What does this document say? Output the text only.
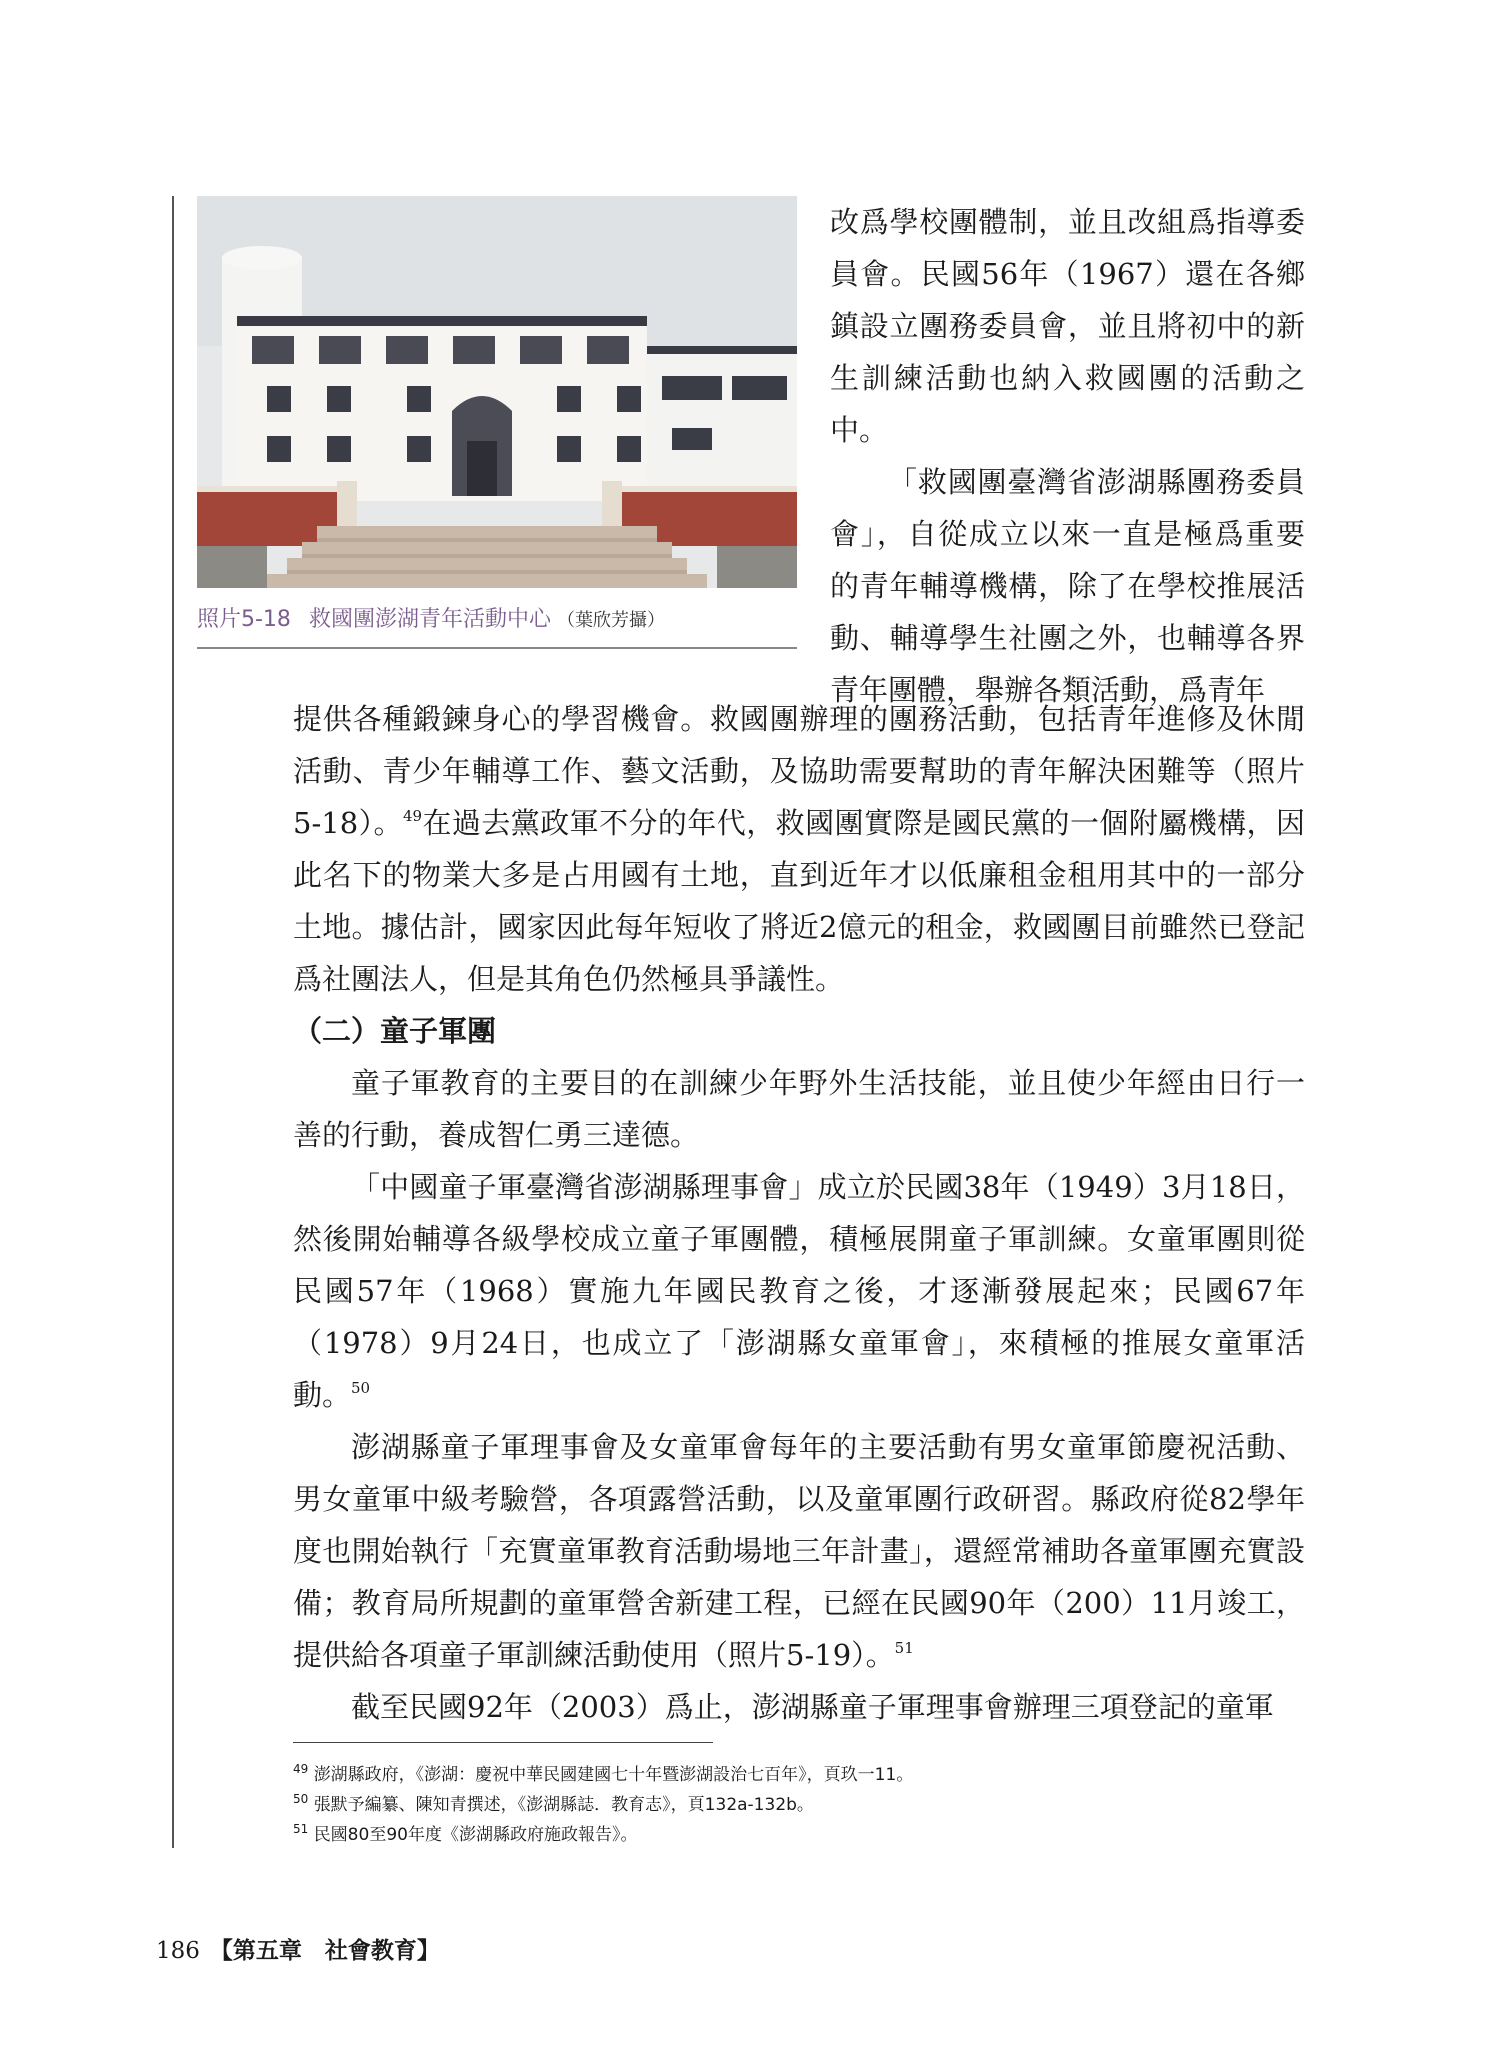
照片5-18 救國團澎湖青年活動中心 （葉欣芳攝）

改爲學校團體制，並且改組爲指導委員會。民國56年（1967）還在各鄉鎮設立團務委員會，並且將初中的新生訓練活動也納入救國團的活動之中。

「救國團臺灣省澎湖縣團務委員會」，自從成立以來一直是極爲重要的青年輔導機構，除了在學校推展活動、輔導學生社團之外，也輔導各界青年團體，舉辦各類活動，爲青年

提供各種鍛鍊身心的學習機會。救國團辦理的團務活動，包括青年進修及休閒活動、青少年輔導工作、藝文活動，及協助需要幫助的青年解決困難等（照片5-18）。$^{49}$在過去黨政軍不分的年代，救國團實際是國民黨的一個附屬機構，因此名下的物業大多是占用國有土地，直到近年才以低廉租金租用其中的一部分土地。據估計，國家因此每年短收了將近2億元的租金，救國團目前雖然已登記爲社團法人，但是其角色仍然極具爭議性。

（二）童子軍團

童子軍教育的主要目的在訓練少年野外生活技能，並且使少年經由日行一善的行動，養成智仁勇三達德。

「中國童子軍臺灣省澎湖縣理事會」成立於民國38年（1949）3月18日，然後開始輔導各級學校成立童子軍團體，積極展開童子軍訓練。女童軍團則從民國57年（1968）實施九年國民教育之後，才逐漸發展起來；民國67年（1978）9月24日，也成立了「澎湖縣女童軍會」，來積極的推展女童軍活動。$^{50}$

澎湖縣童子軍理事會及女童軍會每年的主要活動有男女童軍節慶祝活動、男女童軍中級考驗營，各項露營活動，以及童軍團行政研習。縣政府從82學年度也開始執行「充實童軍教育活動場地三年計畫」，還經常補助各童軍團充實設備；教育局所規劃的童軍營舍新建工程，已經在民國90年（200）11月竣工，提供給各項童子軍訓練活動使用（照片5-19）。$^{51}$

截至民國92年（2003）爲止，澎湖縣童子軍理事會辦理三項登記的童軍

$^{49}$ 澎湖縣政府，《澎湖：慶祝中華民國建國七十年暨澎湖設治七百年》，頁玖一11。
$^{50}$ 張默予編纂、陳知青撰述，《澎湖縣誌．教育志》，頁132a-132b。
$^{51}$ 民國80至90年度《澎湖縣政府施政報告》。
186 【第五章　社會教育】
